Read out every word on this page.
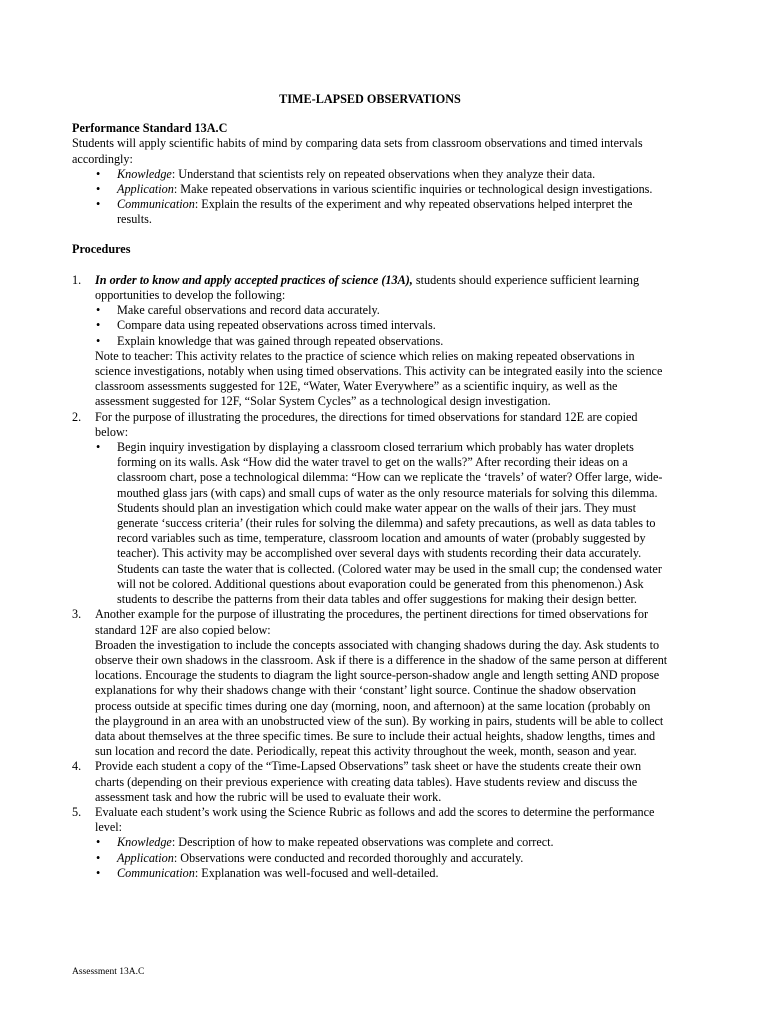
TIME-LAPSED OBSERVATIONS

Performance Standard 13A.C

Students will apply scientific habits of mind by comparing data sets from classroom observations and timed intervals accordingly:

• Knowledge: Understand that scientists rely on repeated observations when they analyze their data.
• Application: Make repeated observations in various scientific inquiries or technological design investigations.
• Communication: Explain the results of the experiment and why repeated observations helped interpret the results.

Procedures

1. In order to know and apply accepted practices of science (13A), students should experience sufficient learning opportunities to develop the following:

• Make careful observations and record data accurately.
• Compare data using repeated observations across timed intervals.
• Explain knowledge that was gained through repeated observations.

Note to teacher: This activity relates to the practice of science which relies on making repeated observations in science investigations, notably when using timed observations. This activity can be integrated easily into the science classroom assessments suggested for 12E, “Water, Water Everywhere” as a scientific inquiry, as well as the assessment suggested for 12F, “Solar System Cycles” as a technological design investigation.

2. For the purpose of illustrating the procedures, the directions for timed observations for standard 12E are copied below:

• Begin inquiry investigation by displaying a classroom closed terrarium which probably has water droplets forming on its walls. Ask “How did the water travel to get on the walls?” After recording their ideas on a classroom chart, pose a technological dilemma: “How can we replicate the ‘travels’ of water? Offer large, wide-mouthed glass jars (with caps) and small cups of water as the only resource materials for solving this dilemma. Students should plan an investigation which could make water appear on the walls of their jars. They must generate ‘success criteria’ (their rules for solving the dilemma) and safety precautions, as well as data tables to record variables such as time, temperature, classroom location and amounts of water (probably suggested by teacher). This activity may be accomplished over several days with students recording their data accurately. Students can taste the water that is collected. (Colored water may be used in the small cup; the condensed water will not be colored. Additional questions about evaporation could be generated from this phenomenon.) Ask students to describe the patterns from their data tables and offer suggestions for making their design better.
3. Another example for the purpose of illustrating the procedures, the pertinent directions for timed observations for standard 12F are also copied below:

Broaden the investigation to include the concepts associated with changing shadows during the day. Ask students to observe their own shadows in the classroom. Ask if there is a difference in the shadow of the same person at different locations. Encourage the students to diagram the light source-person-shadow angle and length setting AND propose explanations for why their shadows change with their ‘constant’ light source. Continue the shadow observation process outside at specific times during one day (morning, noon, and afternoon) at the same location (probably on the playground in an area with an unobstructed view of the sun). By working in pairs, students will be able to collect data about themselves at the three specific times. Be sure to include their actual heights, shadow lengths, times and sun location and record the date. Periodically, repeat this activity throughout the week, month, season and year.

4. Provide each student a copy of the “Time-Lapsed Observations” task sheet or have the students create their own charts (depending on their previous experience with creating data tables). Have students review and discuss the assessment task and how the rubric will be used to evaluate their work.

5. Evaluate each student’s work using the Science Rubric as follows and add the scores to determine the performance level:

• Knowledge: Description of how to make repeated observations was complete and correct.
• Application: Observations were conducted and recorded thoroughly and accurately.
• Communication: Explanation was well-focused and well-detailed.
Assessment 13A.C
